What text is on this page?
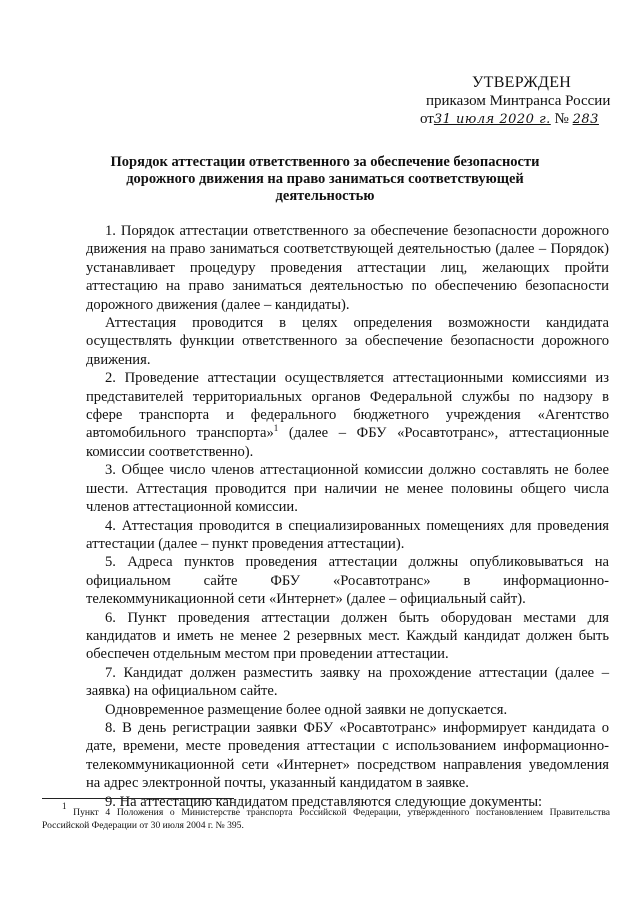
УТВЕРЖДЕН
приказом Минтранса России
от31 июля 2020 г. № 283
Порядок аттестации ответственного за обеспечение безопасности дорожного движения на право заниматься соответствующей деятельностью

1. Порядок аттестации ответственного за обеспечение безопасности дорожного движения на право заниматься соответствующей деятельностью (далее – Порядок) устанавливает процедуру проведения аттестации лиц, желающих пройти аттестацию на право заниматься деятельностью по обеспечению безопасности дорожного движения (далее – кандидаты).

Аттестация проводится в целях определения возможности кандидата осуществлять функции ответственного за обеспечение безопасности дорожного движения.

2. Проведение аттестации осуществляется аттестационными комиссиями из представителей территориальных органов Федеральной службы по надзору в сфере транспорта и федерального бюджетного учреждения «Агентство автомобильного транспорта»$^1$ (далее – ФБУ «Росавтотранс», аттестационные комиссии соответственно).

3. Общее число членов аттестационной комиссии должно составлять не более шести. Аттестация проводится при наличии не менее половины общего числа членов аттестационной комиссии.

4. Аттестация проводится в специализированных помещениях для проведения аттестации (далее – пункт проведения аттестации).

5. Адреса пунктов проведения аттестации должны опубликовываться на официальном сайте ФБУ «Росавтотранс» в информационно-телекоммуникационной сети «Интернет» (далее – официальный сайт).

6. Пункт проведения аттестации должен быть оборудован местами для кандидатов и иметь не менее 2 резервных мест. Каждый кандидат должен быть обеспечен отдельным местом при проведении аттестации.

7. Кандидат должен разместить заявку на прохождение аттестации (далее – заявка) на официальном сайте.

Одновременное размещение более одной заявки не допускается.

8. В день регистрации заявки ФБУ «Росавтотранс» информирует кандидата о дате, времени, месте проведения аттестации с использованием информационно-телекоммуникационной сети «Интернет» посредством направления уведомления на адрес электронной почты, указанный кандидатом в заявке.

9. На аттестацию кандидатом представляются следующие документы:

$^1$ Пункт 4 Положения о Министерстве транспорта Российской Федерации, утвержденного постановлением Правительства Российской Федерации от 30 июля 2004 г. № 395.
